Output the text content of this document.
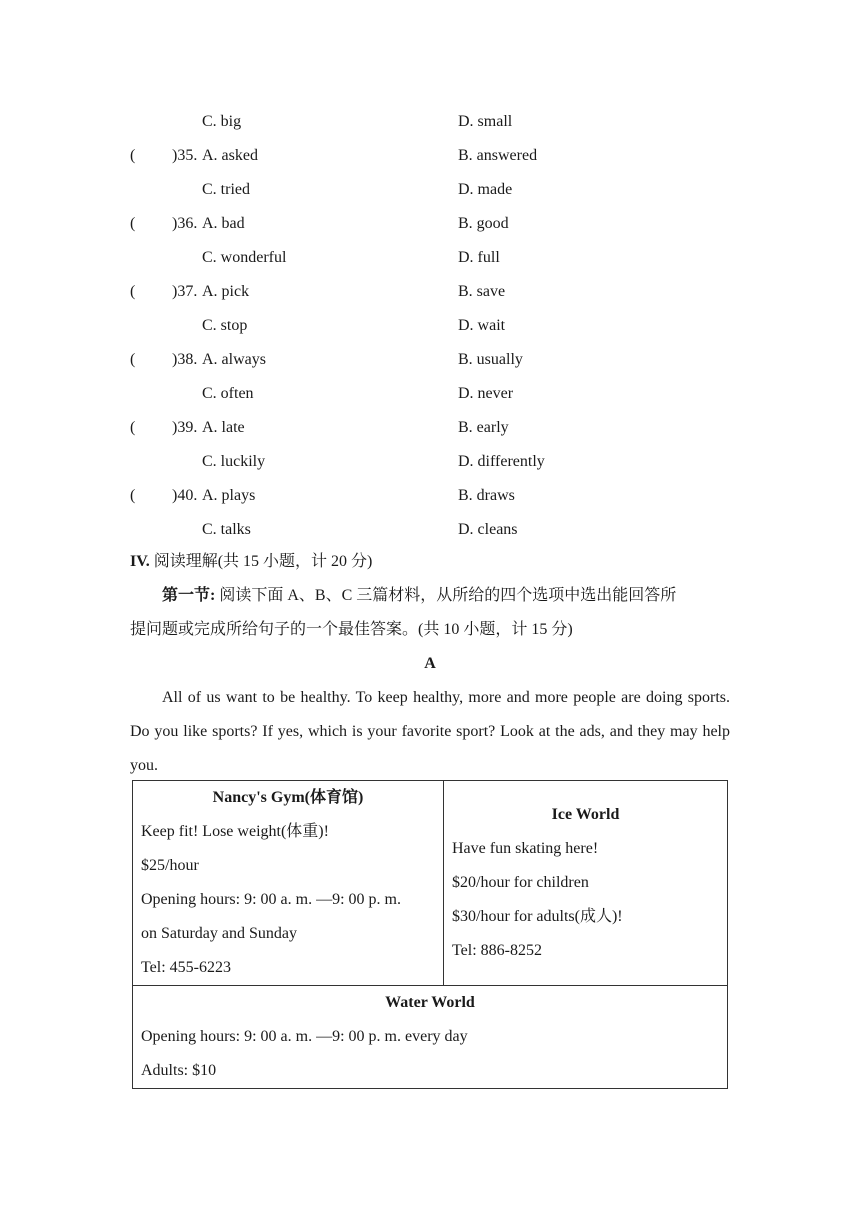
C. big	D. small
( )35. A. asked	B. answered
C. tried	D. made
( )36. A. bad	B. good
C. wonderful	D. full
( )37. A. pick	B. save
C. stop	D. wait
( )38. A. always	B. usually
C. often	D. never
( )39. A. late	B. early
C. luckily	D. differently
( )40. A. plays	B. draws
C. talks	D. cleans
IV. 阅读理解(共 15 小题，计 20 分)
第一节: 阅读下面 A、B、C 三篇材料，从所给的四个选项中选出能回答所
提问题或完成所给句子的一个最佳答案。(共 10 小题，计 15 分)
A
All of us want to be healthy. To keep healthy, more and more people are doing sports. Do you like sports? If yes, which is your favorite sport? Look at the ads, and they may help you.
Nancy's Gym(体育馆)
Keep fit! Lose weight(体重)!
$25/hour
Opening hours: 9: 00 a. m. —9: 00 p. m.
on Saturday and Sunday
Tel: 455-6223

Ice World
Have fun skating here!
$20/hour for children
$30/hour for adults(成人)!
Tel: 886-8252

Water World
Opening hours: 9: 00 a. m. —9: 00 p. m. every day
Adults: $10
